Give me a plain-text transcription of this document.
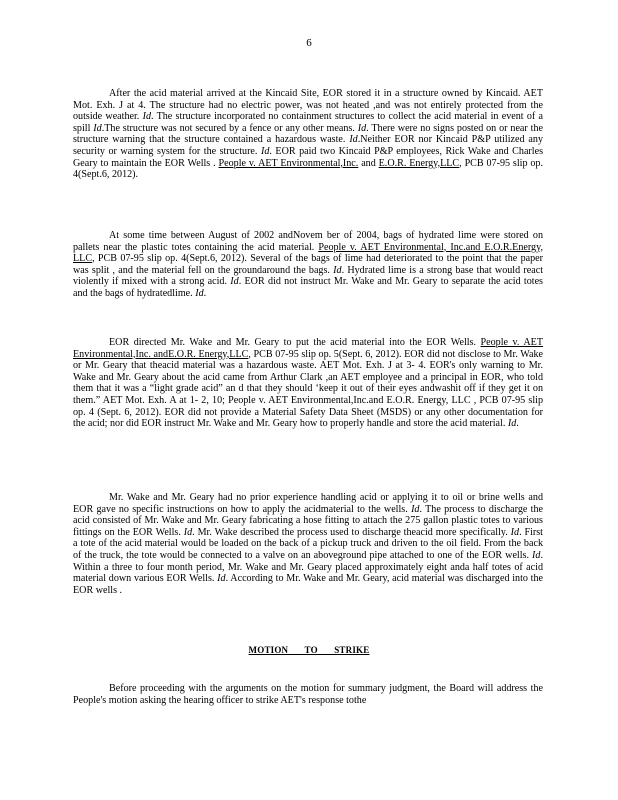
6

After the acid material arrived at the Kincaid Site, EOR stored it in a structure owned by Kincaid. AET Mot. Exh. J at 4. The structure had no electric power, was not heated ,and was not entirely protected from the outside weather. Id. The structure incorporated no containment structures to collect the acid material in event of a spill Id.The structure was not secured by a fence or any other means. Id. There were no signs posted on or near the structure warning that the structure contained a hazardous waste. Id.Neither EOR nor Kincaid P&P utilized any security or warning system for the structure. Id. EOR paid two Kincaid P&P employees, Rick Wake and Charles Geary to maintain the EOR Wells . People v. AET Environmental,Inc. and E.O.R. Energy,LLC, PCB 07-95 slip op. 4(Sept.6, 2012).

At some time between August of 2002 andNovem ber of 2004, bags of hydrated lime were stored on pallets near the plastic totes containing the acid material. People v. AET Environmental, Inc.and E.O.R.Energy, LLC, PCB 07-95 slip op. 4(Sept.6, 2012). Several of the bags of lime had deteriorated to the point that the paper was split , and the material fell on the groundaround the bags. Id. Hydrated lime is a strong base that would react violently if mixed with a strong acid. Id. EOR did not instruct Mr. Wake and Mr. Geary to separate the acid totes and the bags of hydratedlime. Id.

EOR directed Mr. Wake and Mr. Geary to put the acid material into the EOR Wells. People v. AET Environmental,Inc. andE.O.R. Energy,LLC, PCB 07-95 slip op. 5(Sept. 6, 2012). EOR did not disclose to Mr. Wake or Mr. Geary that theacid material was a hazardous waste. AET Mot. Exh. J at 3- 4. EOR's only warning to Mr. Wake and Mr. Geary about the acid came from Arthur Clark ,an AET employee and a principal in EOR, who told them that it was a “light grade acid” an d that they should ‘keep it out of their eyes andwashit off if they get it on them.” AET Mot. Exh. A at 1- 2, 10; People v. AET Environmental,Inc.and E.O.R. Energy, LLC , PCB 07-95 slip op. 4 (Sept. 6, 2012). EOR did not provide a Material Safety Data Sheet (MSDS) or any other documentation for the acid; nor did EOR instruct Mr. Wake and Mr. Geary how to properly handle and store the acid material. Id.

Mr. Wake and Mr. Geary had no prior experience handling acid or applying it to oil or brine wells and EOR gave no specific instructions on how to apply the acidmaterial to the wells. Id. The process to discharge the acid consisted of Mr. Wake and Mr. Geary fabricating a hose fitting to attach the 275 gallon plastic totes to various fittings on the EOR Wells. Id. Mr. Wake described the process used to discharge theacid more specifically. Id. First a tote of the acid material would be loaded on the back of a pickup truck and driven to the oil field. From the back of the truck, the tote would be connected to a valve on an aboveground pipe attached to one of the EOR wells. Id. Within a three to four month period, Mr. Wake and Mr. Geary placed approximately eight anda half totes of acid material down various EOR Wells. Id. According to Mr. Wake and Mr. Geary, acid material was discharged into the EOR wells .

MOTION TO STRIKE

Before proceeding with the arguments on the motion for summary judgment, the Board will address the People's motion asking the hearing officer to strike AET's response tothe
